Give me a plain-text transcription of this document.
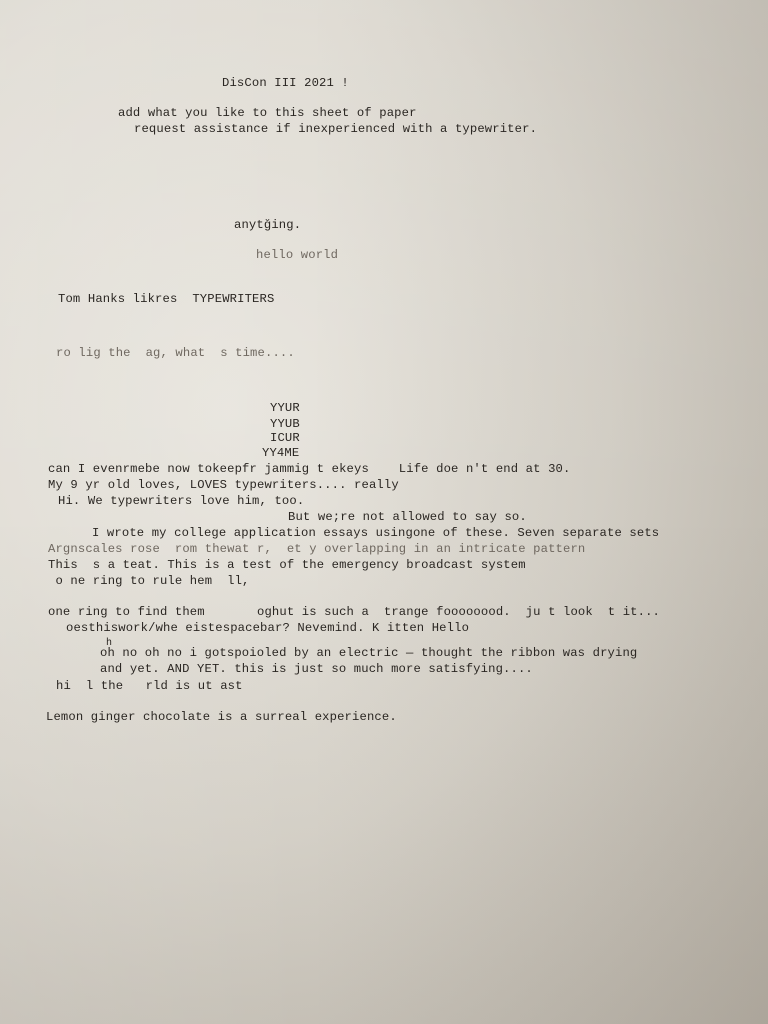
DisCon III 2021 !
add what you like to this sheet of paper
request assistance if inexperienced with a typewriter.
anytğing.
hello world
Tom Hanks likres  TYPEWRITERS
ro lig the  ag, what  s time....
YYUR
YYUB
ICUR
YY4ME
can I evenrmebe now tokeepfr jammig t ekeys    Life doe n't end at 30.
My 9 yr old loves, LOVES typewriters.... really
Hi. We typewriters love him, too.
But we;re not allowed to say so.
I wrote my college application essays usingone of these. Seven separate sets
Argnscales rose  rom thewat r,  et y overlapping in an intricate pattern
This  s a teat. This is a test of the emergency broadcast system
o ne ring to rule hem  ll,
one ring to find them       oghut is such a  trange foooooood.  ju t look  t it...
oesthiswork/whe eistespacebar? Nevemind. K itten Hello
h
oh no oh no i gotspoioled by an electric — thought the ribbon was drying
and yet. AND YET. this is just so much more satisfying....
hi  l the   rld is ut ast
Lemon ginger chocolate is a surreal experience.
